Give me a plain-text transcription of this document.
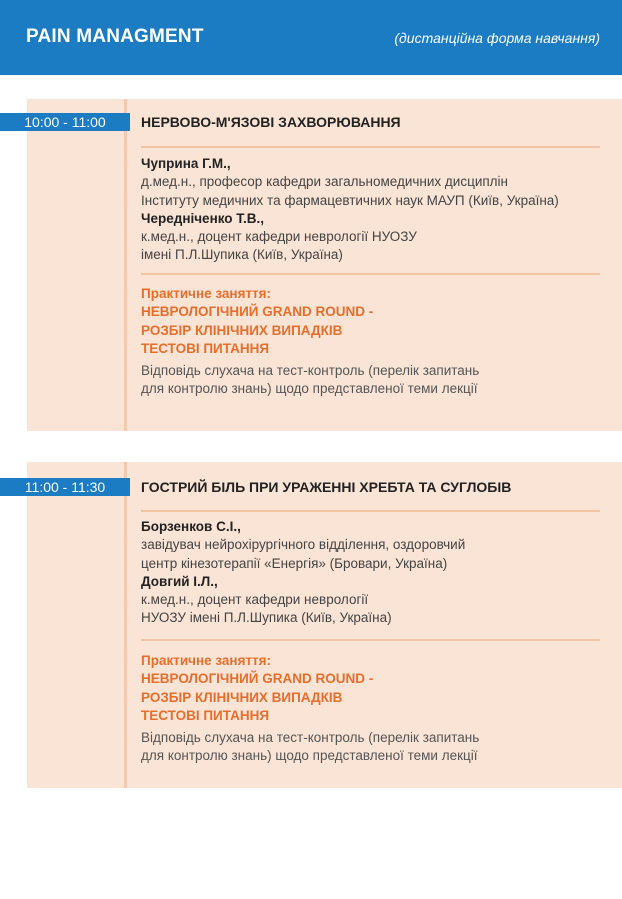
PAIN MANAGMENT	(дистанційна форма навчання)
10:00 - 11:00	НЕРВОВО-М'ЯЗОВІ ЗАХВОРЮВАННЯ
Чуприна Г.М.,
д.мед.н., професор кафедри загальномедичних дисциплін
Інституту медичних та фармацевтичних наук МАУП (Київ, Україна)
Чередніченко Т.В.,
к.мед.н., доцент кафедри неврології НУОЗУ
імені П.Л.Шупика (Київ, Україна)
Практичне заняття:
НЕВРОЛОГІЧНИЙ GRAND ROUND -
РОЗБІР КЛІНІЧНИХ ВИПАДКІВ
ТЕСТОВІ ПИТАННЯ
Відповідь слухача на тест-контроль (перелік запитань
для контролю знань) щодо представленої теми лекції
11:00 - 11:30	ГОСТРИЙ БІЛЬ ПРИ УРАЖЕННІ ХРЕБТА ТА СУГЛОБІВ
Борзенков С.І.,
завідувач нейрохірургічного відділення, оздоровчий
центр кінезотерапії «Енергія» (Бровари, Україна)
Довгий І.Л.,
к.мед.н., доцент кафедри неврології
НУОЗУ імені П.Л.Шупика (Київ, Україна)
Практичне заняття:
НЕВРОЛОГІЧНИЙ GRAND ROUND -
РОЗБІР КЛІНІЧНИХ ВИПАДКІВ
ТЕСТОВІ ПИТАННЯ
Відповідь слухача на тест-контроль (перелік запитань
для контролю знань) щодо представленої теми лекції
